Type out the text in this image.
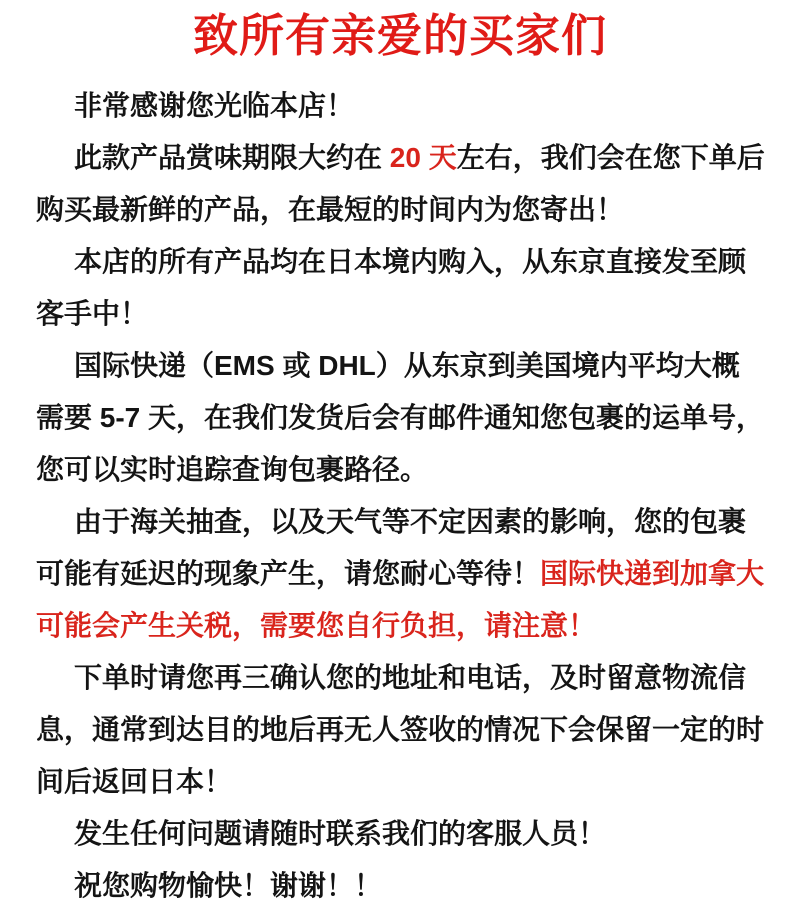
致所有亲爱的买家们

非常感谢您光临本店！

此款产品赏味期限大约在 20 天左右，我们会在您下单后购买最新鲜的产品，在最短的时间内为您寄出！

本店的所有产品均在日本境内购入，从东京直接发至顾客手中！

国际快递（EMS 或 DHL）从东京到美国境内平均大概需要 5-7 天，在我们发货后会有邮件通知您包裹的运单号，您可以实时追踪查询包裹路径。

由于海关抽查，以及天气等不定因素的影响，您的包裹可能有延迟的现象产生，请您耐心等待！国际快递到加拿大可能会产生关税，需要您自行负担，请注意！

下单时请您再三确认您的地址和电话，及时留意物流信息，通常到达目的地后再无人签收的情况下会保留一定的时间后返回日本！

发生任何问题请随时联系我们的客服人员！

祝您购物愉快！谢谢！！
